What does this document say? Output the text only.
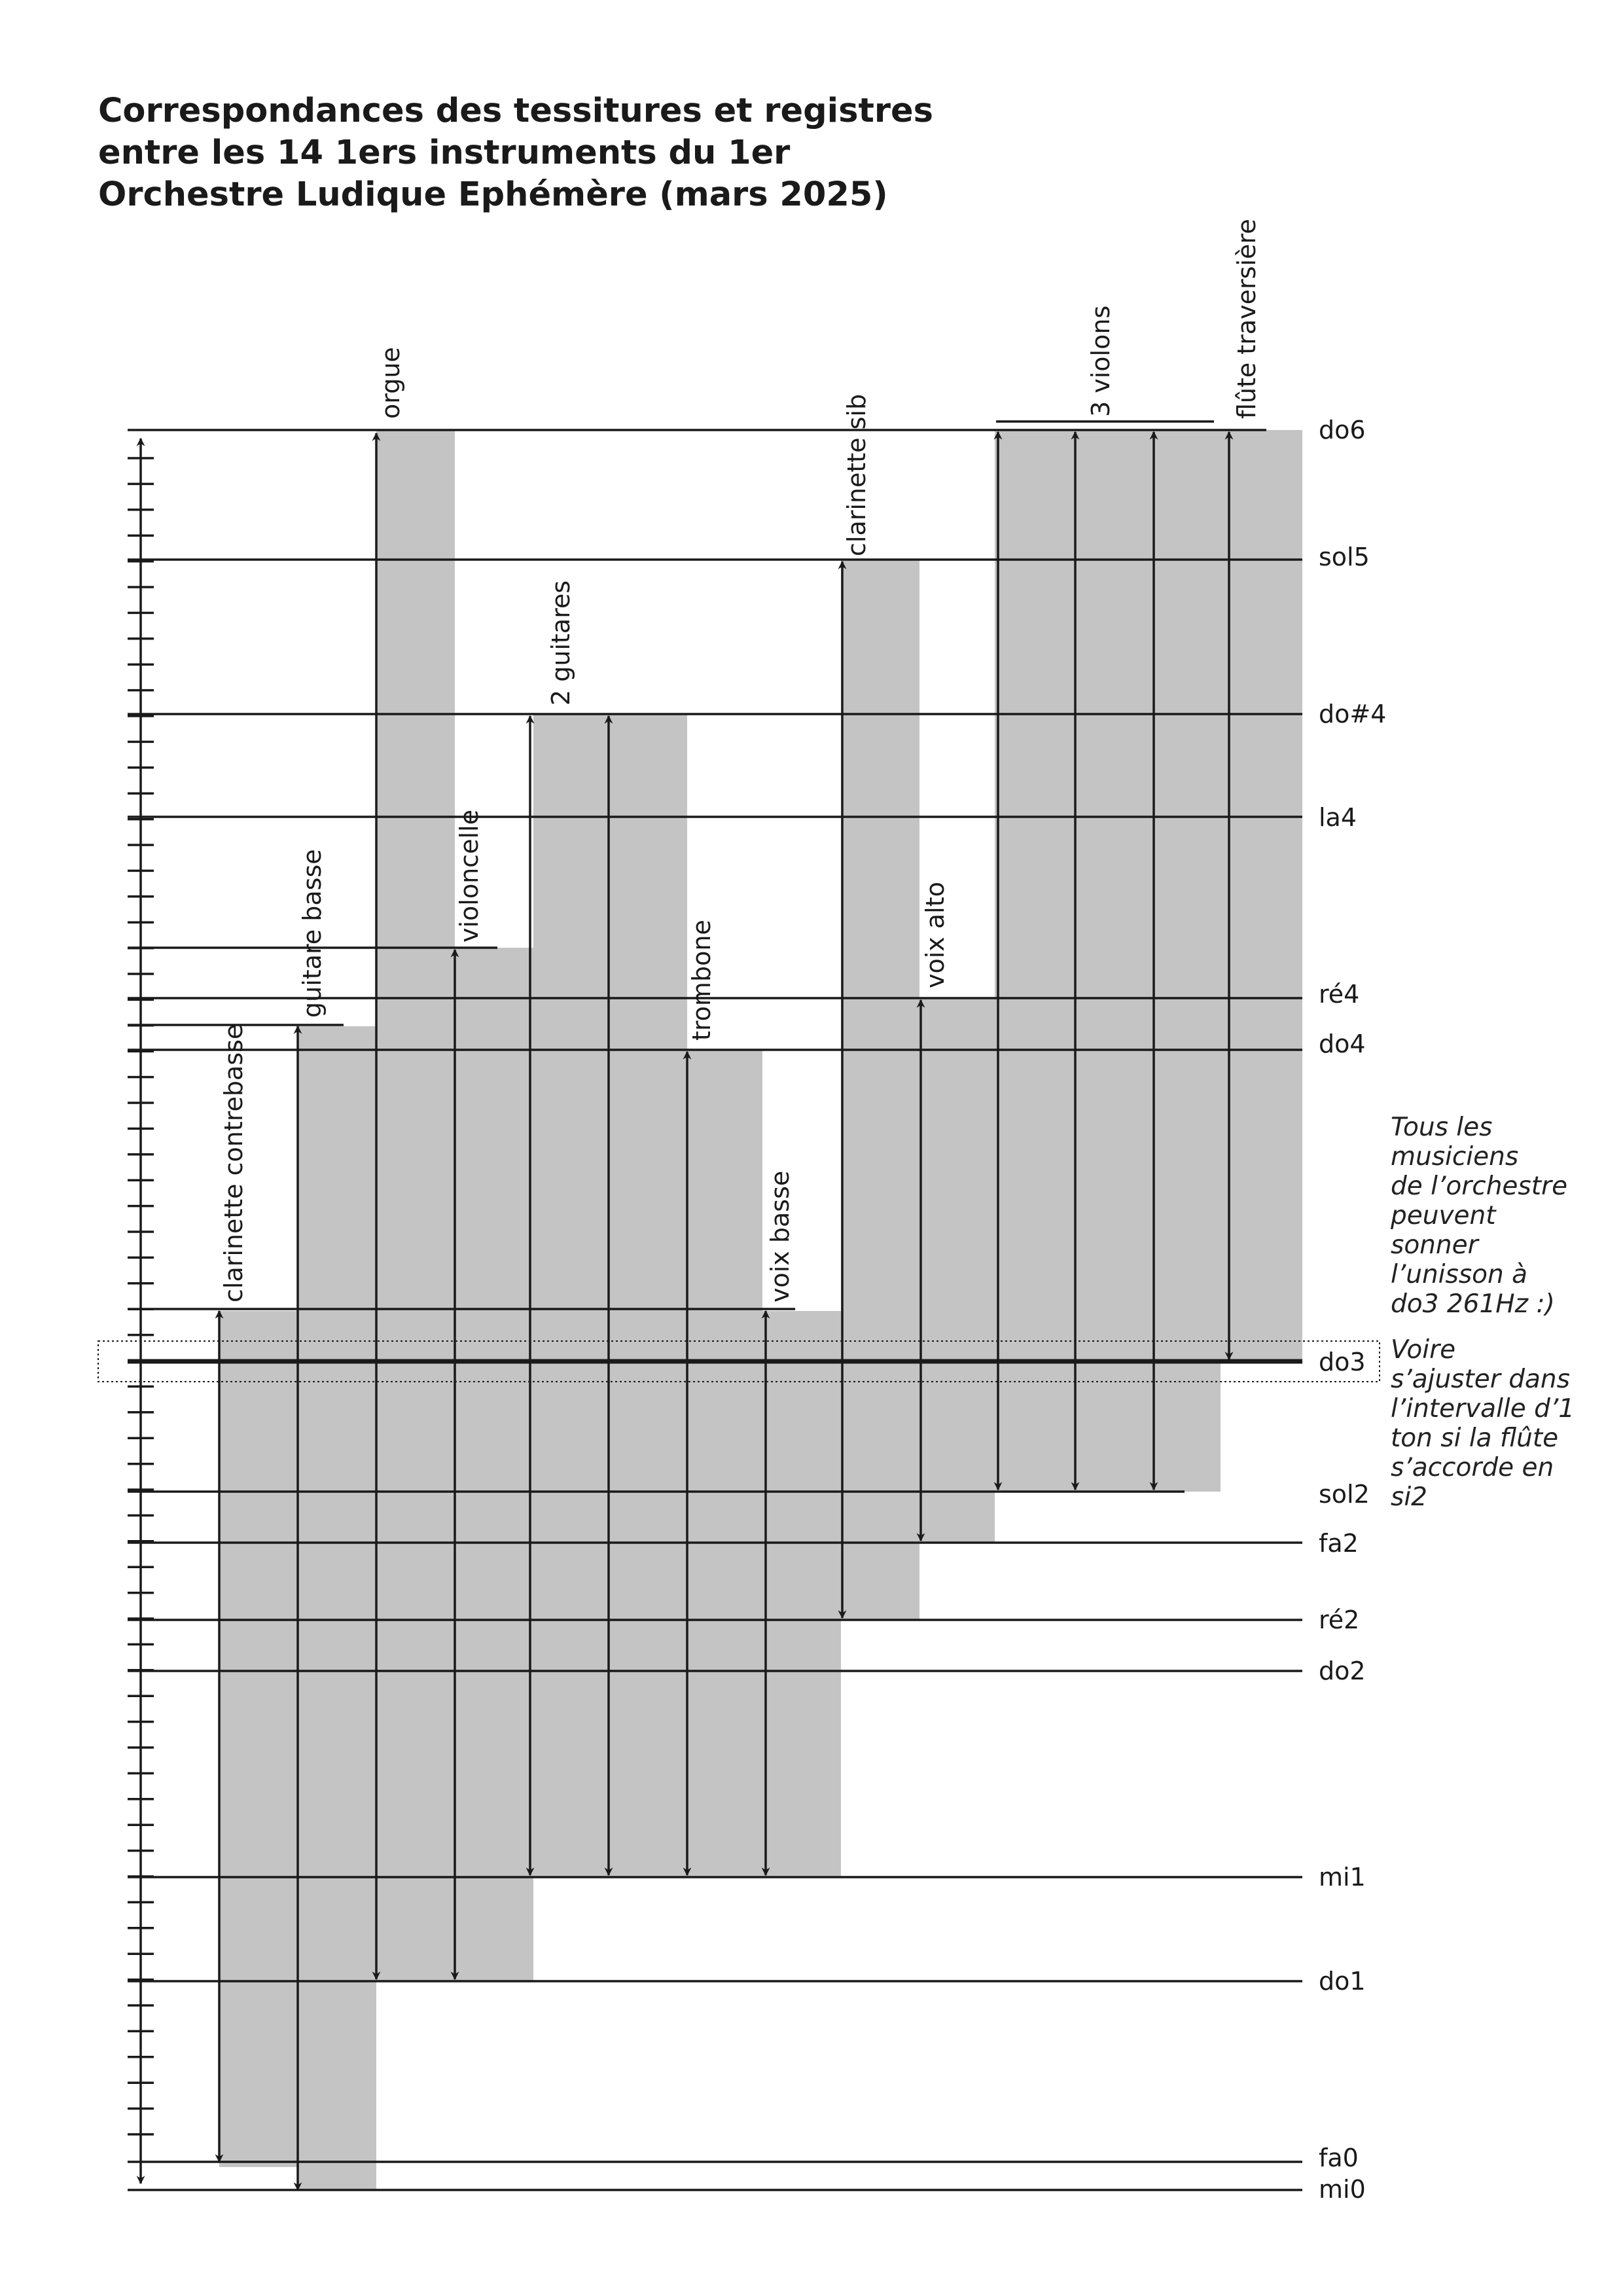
Correspondances des tessitures et registres
entre les 14 1ers instruments du 1er
Orchestre Ludique Ephémère (mars 2025)
do6
sol5
do#4
la4
ré4
do4
do3
sol2
fa2
ré2
do2
mi1
do1
fa0
mi0
clarinette contrebasse
guitare basse
orgue
violoncelle
2 guitares
trombone
voix basse
clarinette sib
voix alto
3 violons	flûte traversière

Tous les
musiciens
de l’orchestre
peuvent
sonner
l’unisson à
do3 261Hz :)

Voire
s’ajuster dans
l’intervalle d’1
ton si la flûte
s’accorde en
si2
